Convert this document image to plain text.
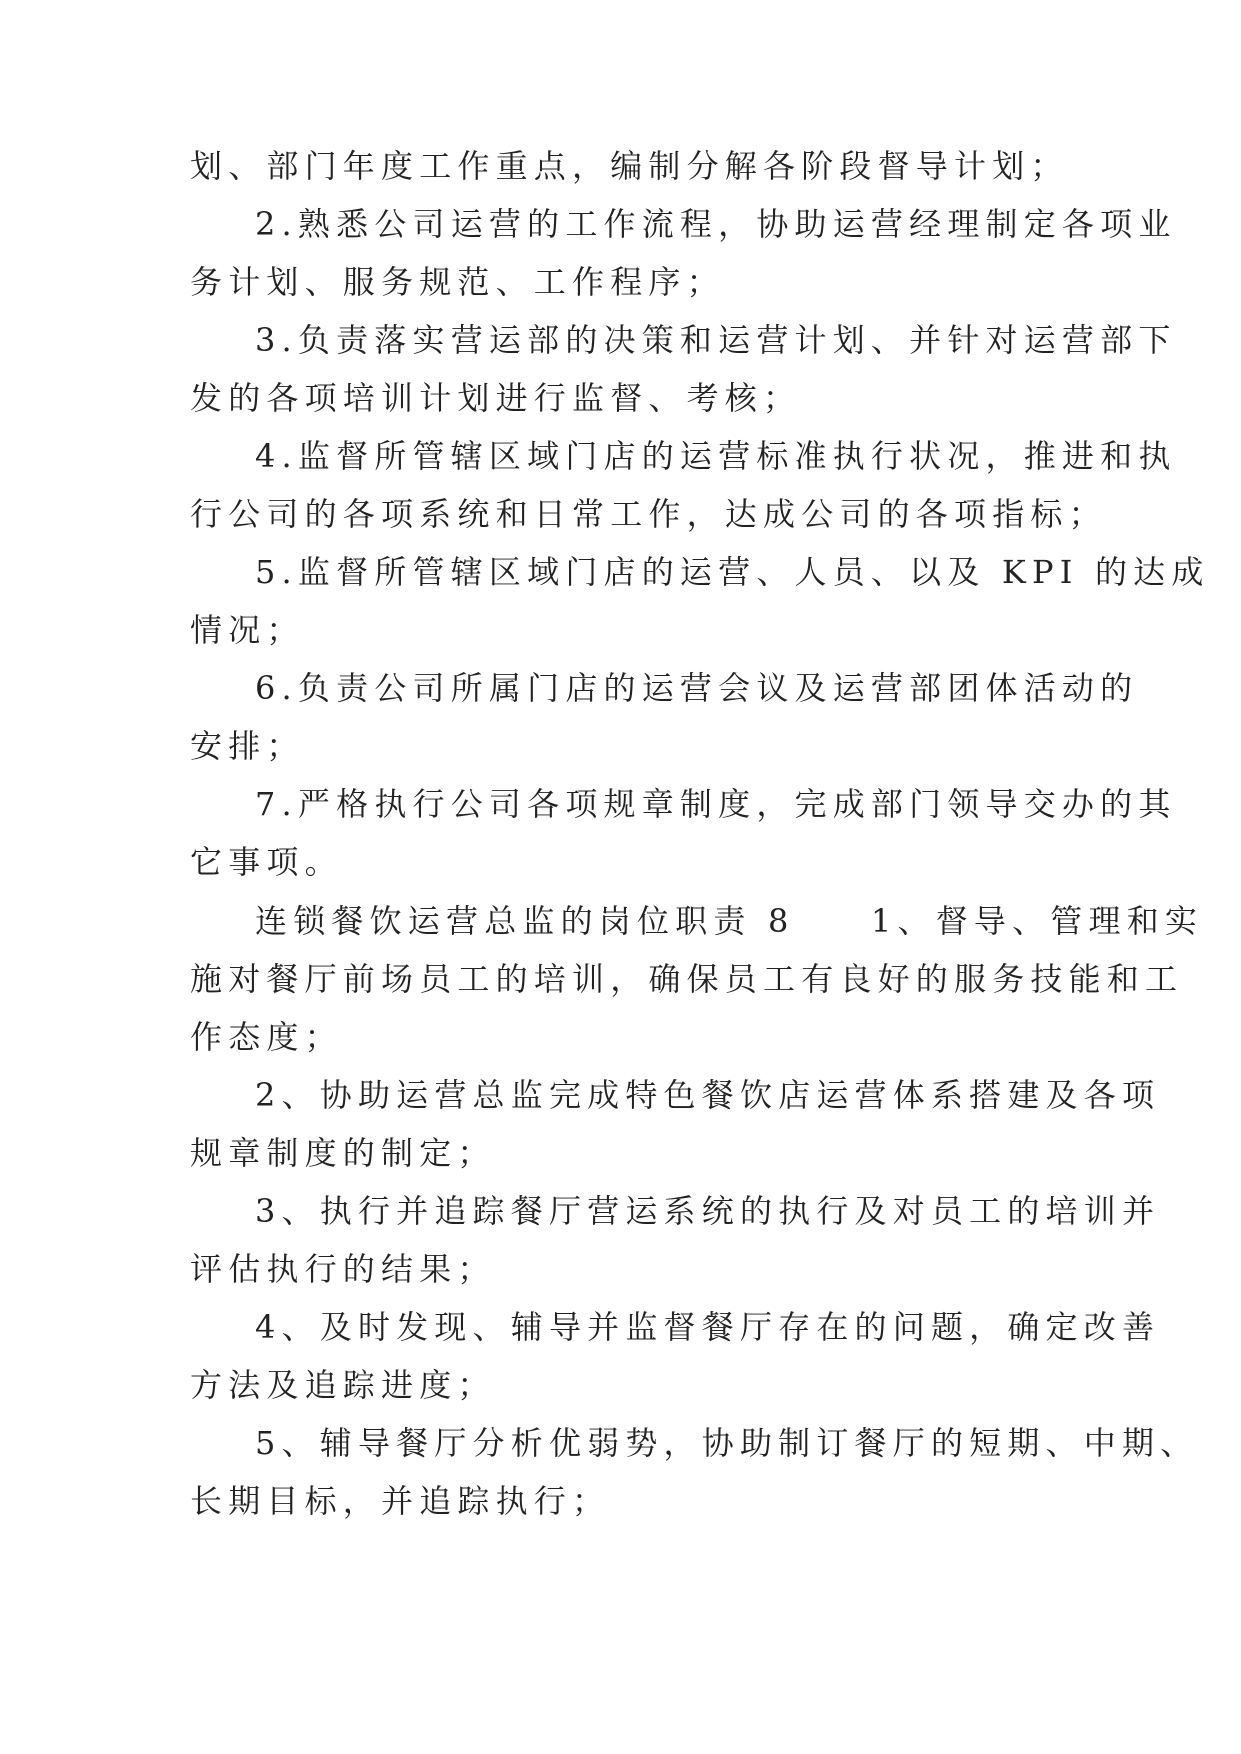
划、部门年度工作重点，编制分解各阶段督导计划；

2.熟悉公司运营的工作流程，协助运营经理制定各项业

务计划、服务规范、工作程序；

3.负责落实营运部的决策和运营计划、并针对运营部下

发的各项培训计划进行监督、考核；

4.监督所管辖区域门店的运营标准执行状况，推进和执

行公司的各项系统和日常工作，达成公司的各项指标；

5.监督所管辖区域门店的运营、人员、以及 KPI 的达成

情况；

6.负责公司所属门店的运营会议及运营部团体活动的

安排；

7.严格执行公司各项规章制度，完成部门领导交办的其

它事项。

连锁餐饮运营总监的岗位职责 8　　1、督导、管理和实

施对餐厅前场员工的培训，确保员工有良好的服务技能和工

作态度；

2、协助运营总监完成特色餐饮店运营体系搭建及各项

规章制度的制定；

3、执行并追踪餐厅营运系统的执行及对员工的培训并

评估执行的结果；

4、及时发现、辅导并监督餐厅存在的问题，确定改善

方法及追踪进度；

5、辅导餐厅分析优弱势，协助制订餐厅的短期、中期、

长期目标，并追踪执行；
